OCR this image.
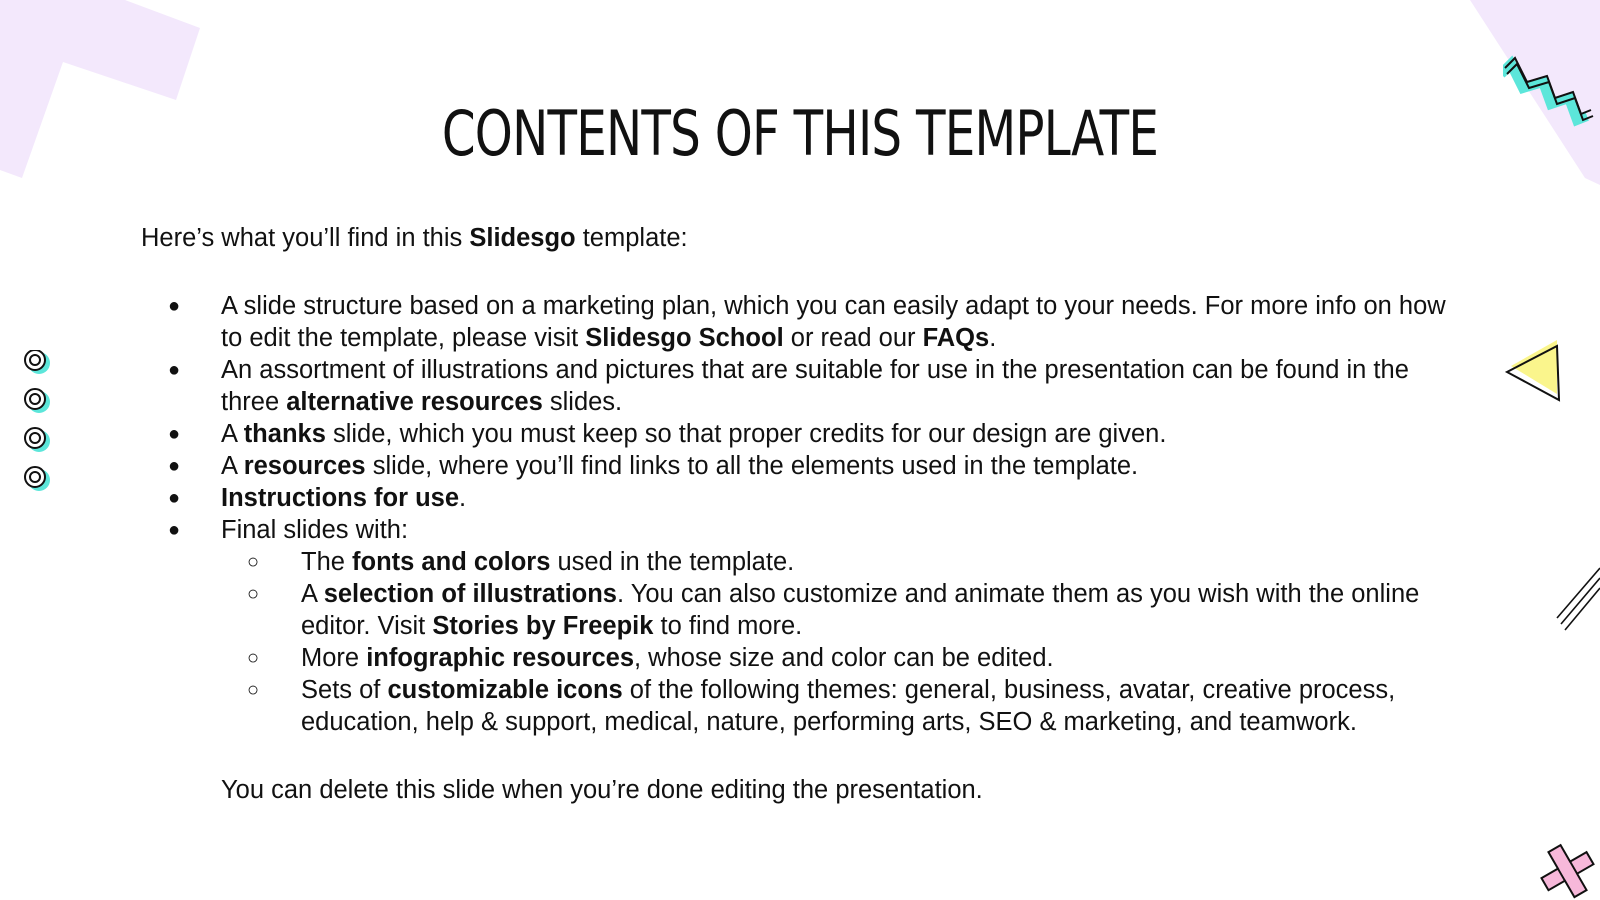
CONTENTS OF THIS TEMPLATE

Here’s what you’ll find in this Slidesgo template:

● A slide structure based on a marketing plan, which you can easily adapt to your needs. For more info on how to edit the template, please visit Slidesgo School or read our FAQs.
● An assortment of illustrations and pictures that are suitable for use in the presentation can be found in the three alternative resources slides.
● A thanks slide, which you must keep so that proper credits for our design are given.
● A resources slide, where you’ll find links to all the elements used in the template.
● Instructions for use.
● Final slides with:
○ The fonts and colors used in the template.
○ A selection of illustrations. You can also customize and animate them as you wish with the online editor. Visit Stories by Freepik to find more.
○ More infographic resources, whose size and color can be edited.
○ Sets of customizable icons of the following themes: general, business, avatar, creative process, education, help & support, medical, nature, performing arts, SEO & marketing, and teamwork.

You can delete this slide when you’re done editing the presentation.
